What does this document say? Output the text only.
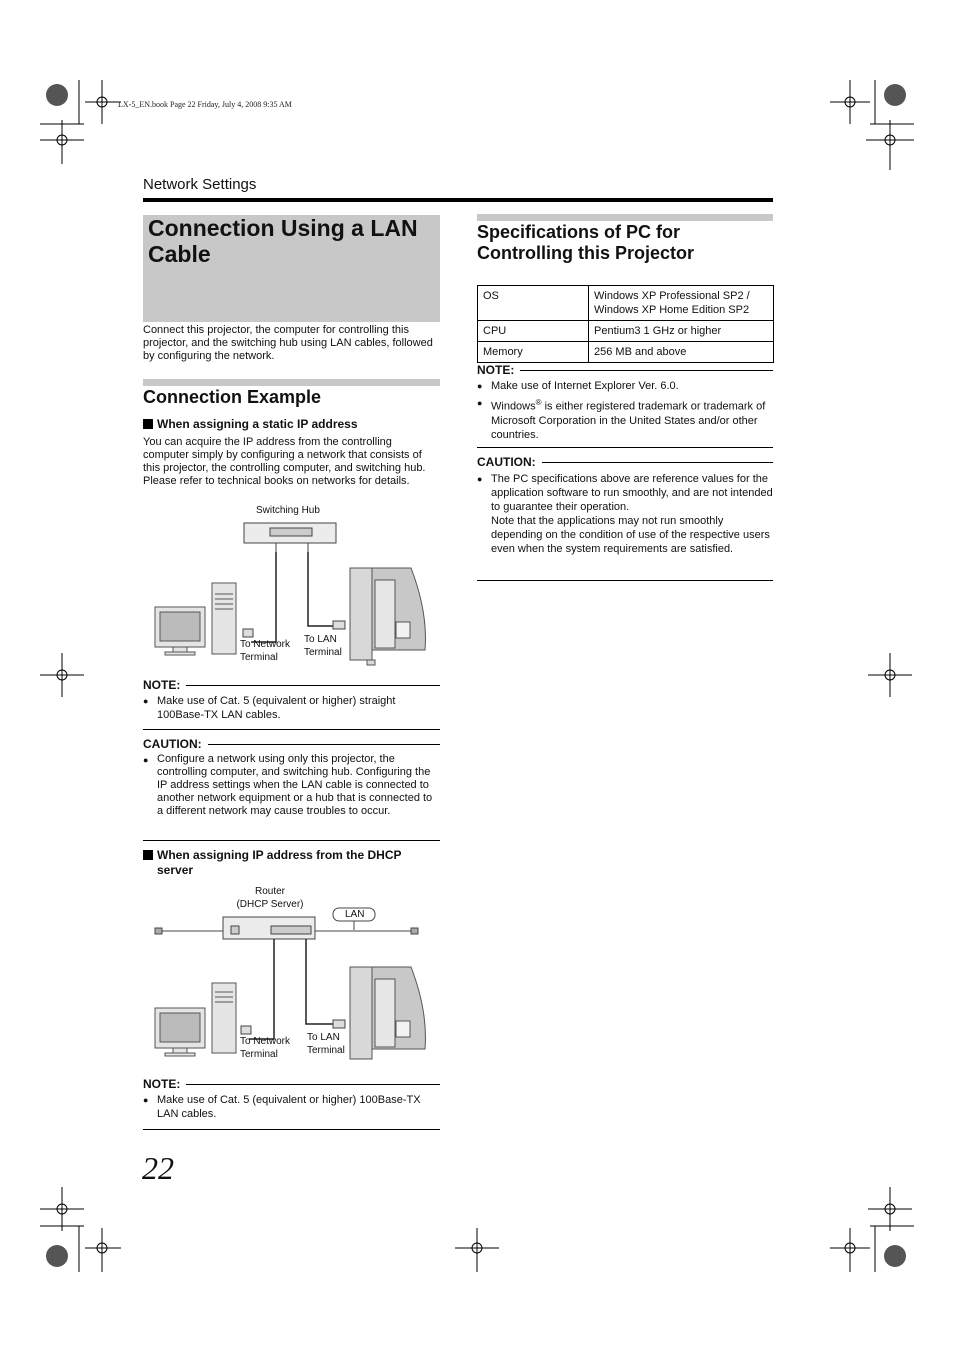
LX-5_EN.book Page 22 Friday, July 4, 2008 9:35 AM
Network Settings
Connection Using a LAN Cable
Connect this projector, the computer for controlling this projector, and the switching hub using LAN cables, followed by configuring the network.
Connection Example
When assigning a static IP address
You can acquire the IP address from the controlling computer simply by configuring a network that consists of this projector, the controlling computer, and switching hub. Please refer to technical books on networks for details.
Switching Hub
To Network
Terminal
To LAN
Terminal
NOTE:
● Make use of Cat. 5 (equivalent or higher) straight 100Base-TX LAN cables.
CAUTION:
● Configure a network using only this projector, the controlling computer, and switching hub. Configuring the IP address settings when the LAN cable is connected to another network equipment or a hub that is connected to a different network may cause troubles to occur.
When assigning IP address from the DHCP
server
Router
(DHCP Server)
LAN
To Network
Terminal
To LAN
Terminal
NOTE:
● Make use of Cat. 5 (equivalent or higher) 100Base-TX LAN cables.
Specifications of PC for
Controlling this Projector
OS	Windows XP Professional SP2 /
Windows XP Home Edition SP2

CPU	Pentium3 1 GHz or higher
Memory	256 MB and above
NOTE:
● Make use of Internet Explorer Ver. 6.0.
● Windows® is either registered trademark or trademark of Microsoft Corporation in the United States and/or other countries.
CAUTION:
● The PC specifications above are reference values for the application software to run smoothly, and are not intended to guarantee their operation.
Note that the applications may not run smoothly depending on the condition of use of the respective users even when the system requirements are satisfied.
22
